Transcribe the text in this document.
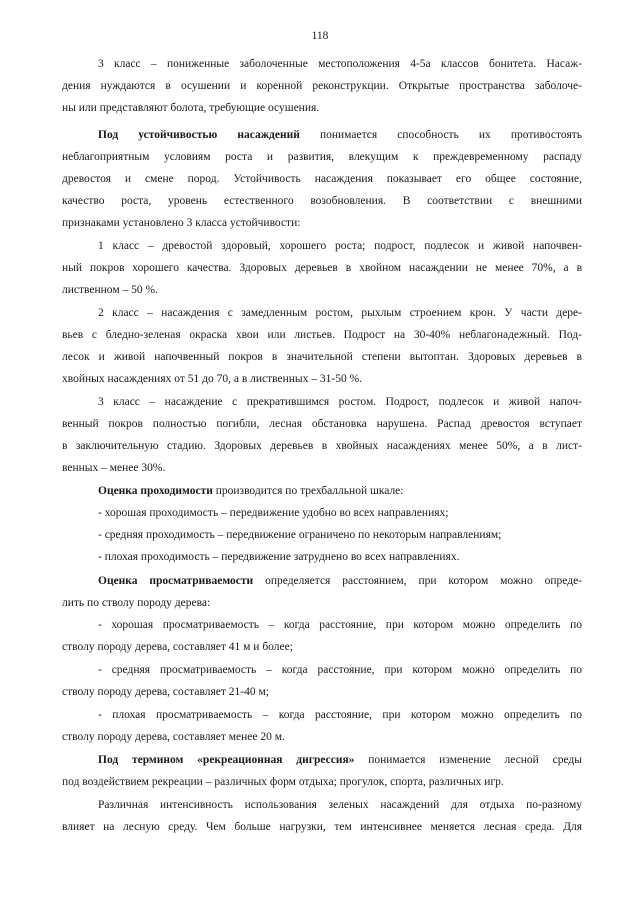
118
3 класс – пониженные заболоченные местоположения 4-5а классов бонитета. Насаж-
дения нуждаются в осушении и коренной реконструкции. Открытые пространства заболоче-
ны или представляют болота, требующие осушения.
Под устойчивостью насаждений понимается способность их противостоять
неблагоприятным условиям роста и развития, влекущим к преждевременному распаду
древостоя и смене пород. Устойчивость насаждения показывает его общее состояние,
качество роста, уровень естественного возобновления. В соответствии с внешними
признаками установлено 3 класса устойчивости:
1 класс – древостой здоровый, хорошего роста; подрост, подлесок и живой напочвен-
ный покров хорошего качества. Здоровых деревьев в хвойном насаждении не менее 70%, а в
лиственном – 50 %.
2 класс – насаждения с замедленным ростом, рыхлым строением крон. У части дере-
вьев с бледно-зеленая окраска хвои или листьев. Подрост на 30-40% неблагонадежный. Под-
лесок и живой напочвенный покров в значительной степени вытоптан. Здоровых деревьев в
хвойных насаждениях от 51 до 70, а в лиственных – 31-50 %.
3 класс – насаждение с прекратившимся ростом. Подрост, подлесок и живой напоч-
венный покров полностью погибли, лесная обстановка нарушена. Распад древостоя вступает
в заключительную стадию. Здоровых деревьев в хвойных насаждениях менее 50%, а в лист-
венных – менее 30%.
Оценка проходимости производится по трехбалльной шкале:
- хорошая проходимость – передвижение удобно во всех направлениях;
- средняя проходимость – передвижение ограничено по некоторым направлениям;
- плохая проходимость – передвижение затруднено во всех направлениях.
Оценка просматриваемости определяется расстоянием, при котором можно опреде-
лить по стволу породу дерева:
- хорошая просматриваемость – когда расстояние, при котором можно определить по
стволу породу дерева, составляет 41 м и более;
- средняя просматриваемость – когда расстояние, при котором можно определить по
стволу породу дерева, составляет 21-40 м;
- плохая просматриваемость – когда расстояние, при котором можно определить по
стволу породу дерева, составляет менее 20 м.
Под термином «рекреационная дигрессия» понимается изменение лесной среды
под воздействием рекреации – различных форм отдыха; прогулок, спорта, различных игр.
Различная интенсивность использования зеленых насаждений для отдыха по-разному
влияет на лесную среду. Чем больше нагрузки, тем интенсивнее меняется лесная среда. Для
